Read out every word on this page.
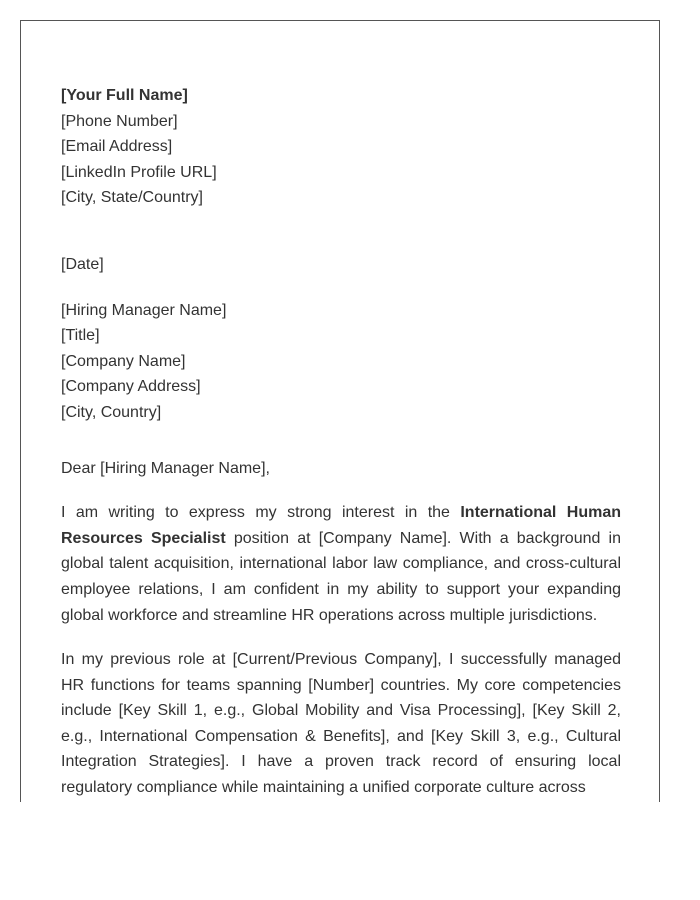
[Your Full Name]
[Phone Number]
[Email Address]
[LinkedIn Profile URL]
[City, State/Country]
[Date]
[Hiring Manager Name]
[Title]
[Company Name]
[Company Address]
[City, Country]
Dear [Hiring Manager Name],

I am writing to express my strong interest in the International Human Resources Specialist position at [Company Name]. With a background in global talent acquisition, international labor law compliance, and cross-cultural employee relations, I am confident in my ability to support your expanding global workforce and streamline HR operations across multiple jurisdictions.

In my previous role at [Current/Previous Company], I successfully managed HR functions for teams spanning [Number] countries. My core competencies include [Key Skill 1, e.g., Global Mobility and Visa Processing], [Key Skill 2, e.g., International Compensation & Benefits], and [Key Skill 3, e.g., Cultural Integration Strategies]. I have a proven track record of ensuring local regulatory compliance while maintaining a unified corporate culture across
